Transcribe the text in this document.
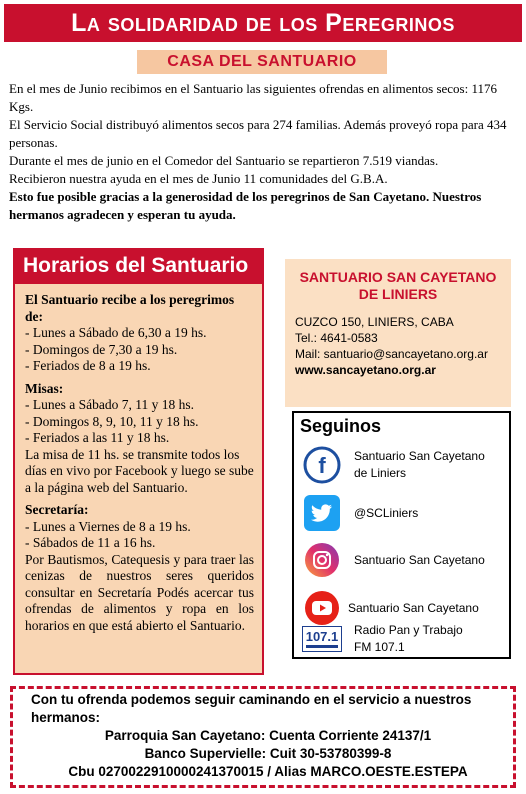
La solidaridad de los Peregrinos
CASA DEL SANTUARIO

En el mes de Junio recibimos en el Santuario las siguientes ofrendas en alimentos secos: 1176 Kgs.

El Servicio Social distribuyó alimentos secos para 274 familias. Además proveyó ropa para 434 personas.

Durante el mes de junio en el Comedor del Santuario se repartieron 7.519 viandas.

Recibieron nuestra ayuda en el mes de Junio 11 comunidades del G.B.A.

Esto fue posible gracias a la generosidad de los peregrinos de San Cayetano. Nuestros hermanos agradecen y esperan tu ayuda.

Horarios del Santuario
El Santuario recibe a los peregrimos de:
- Lunes a Sábado de 6,30 a 19 hs.
- Domingos de 7,30 a 19 hs.
- Feriados de 8 a 19 hs.
Misas:
- Lunes a Sábado 7, 11 y 18 hs.
- Domingos 8, 9, 10, 11 y 18 hs.
- Feriados a las 11 y 18 hs.
La misa de 11 hs. se transmite todos los días en vivo por Facebook y luego se sube a la página web del Santuario.
Secretaría:
- Lunes a Viernes de 8 a 19 hs.
- Sábados de 11 a 16 hs.
Por Bautismos, Catequesis y para traer las cenizas de nuestros seres queridos consultar en Secretaría Podés acercar tus ofrendas de alimentos y ropa en los horarios en que está abierto el Santuario.
SANTUARIO SAN CAYETANO DE LINIERS
CUZCO 150, LINIERS, CABA
Tel.: 4641-0583
Mail: santuario@sancayetano.org.ar
www.sancayetano.org.ar
Seguinos
f Santuario San Cayetano de Liniers
@SCLiniers
Santuario San Cayetano
Santuario San Cayetano
107.1 Radio Pan y Trabajo FM 107.1
Con tu ofrenda podemos seguir caminando en el servicio a nuestros hermanos:
Parroquia San Cayetano: Cuenta Corriente 24137/1
Banco Supervielle: Cuit 30-53780399-8
Cbu 0270022910000241370015 / Alias MARCO.OESTE.ESTEPA
